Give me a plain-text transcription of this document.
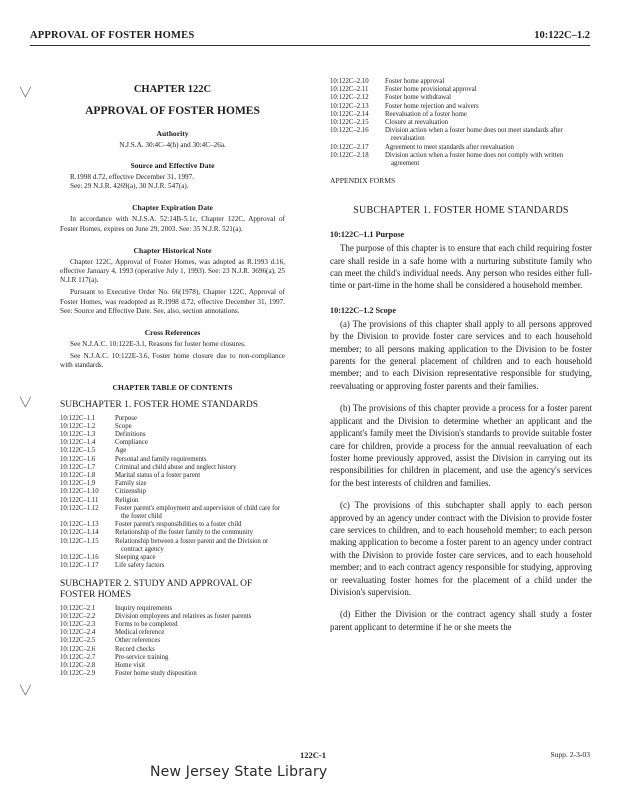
APPROVAL OF FOSTER HOMES	10:122C–1.2
╲╱
╲╱
╲╱
CHAPTER 122C
APPROVAL OF FOSTER HOMES
Authority
N.J.S.A. 30:4C–4(h) and 30:4C–26a.
Source and Effective Date
R.1998 d.72, effective December 31, 1997.
See: 29 N.J.R. 4269(a), 30 N.J.R. 547(a).
Chapter Expiration Date
In accordance with N.J.S.A. 52:14B-5.1c, Chapter 122C, Approval of Foster Homes, expires on June 29, 2003. See: 35 N.J.R. 521(a).
Chapter Historical Note
Chapter 122C, Approval of Foster Homes, was adopted as R.1993 d.16, effective January 4, 1993 (operative July 1, 1993). See: 23 N.J.R. 3696(a), 25 N.J.R 117(a).
Pursuant to Executive Order No. 66(1978), Chapter 122C, Approval of Foster Homes, was readopted as R.1998 d.72, effective December 31, 1997. See: Source and Effective Date. See, also, section annotations.
Cross References
See N.J.A.C. 10:122E-3.1, Reasons for foster home closures.
See N.J.A.C. 10:122E-3.6, Foster home closure due to non-compliance with standards.
CHAPTER TABLE OF CONTENTS
SUBCHAPTER 1. FOSTER HOME STANDARDS
10:122C–1.1	Purpose
10:122C–1.2	Scope
10:122C–1.3	Definitions
10:122C–1.4	Compliance
10:122C–1.5	Age
10:122C–1.6	Personal and family requirements
10:122C–1.7	Criminal and child abuse and neglect history
10:122C–1.8	Marital status of a foster parent
10:122C–1.9	Family size
10:122C–1.10	Citizenship
10:122C–1.11	Religion
10:122C–1.12	Foster parent's employment and supervision of child care for the foster child
10:122C–1.13	Foster parent's responsibilities to a foster child
10:122C–1.14	Relationship of the foster family to the community
10:122C–1.15	Relationship between a foster parent and the Division or contract agency
10:122C–1.16	Sleeping space
10:122C–1.17	Life safety factors
SUBCHAPTER 2. STUDY AND APPROVAL OF FOSTER HOMES
10:122C–2.1	Inquiry requirements
10:122C–2.2	Division employees and relatives as foster parents
10:122C–2.3	Forms to be completed
10:122C–2.4	Medical reference
10:122C–2.5	Other references
10:122C–2.6	Record checks
10:122C–2.7	Pre-service training
10:122C–2.8	Home visit
10:122C–2.9	Foster home study disposition
10:122C–2.10	Foster home approval
10:122C–2.11	Foster home provisional approval
10:122C–2.12	Foster home withdrawal
10:122C–2.13	Foster home rejection and waivers
10:122C–2.14	Reevaluation of a foster home
10:122C–2.15	Closure at reevaluation
10:122C–2.16	Division action when a foster home does not meet standards after reevaluation
10:122C–2.17	Agreement to meet standards after reevaluation
10:122C–2.18	Division action when a foster home does not comply with written agreement
APPENDIX FORMS
SUBCHAPTER 1. FOSTER HOME STANDARDS
10:122C–1.1 Purpose
The purpose of this chapter is to ensure that each child requiring foster care shall reside in a safe home with a nurturing substitute family who can meet the child's individual needs. Any person who resides either full-time or part-time in the home shall be considered a household member.
10:122C–1.2 Scope
(a) The provisions of this chapter shall apply to all persons approved by the Division to provide foster care services and to each household member; to all persons making application to the Division to be foster parents for the general placement of children and to each household member; and to each Division representative responsible for studying, reevaluating or approving foster parents and their families.
(b) The provisions of this chapter provide a process for a foster parent applicant and the Division to determine whether an applicant and the applicant's family meet the Division's standards to provide suitable foster care for children, provide a process for the annual reevaluation of each foster home previously approved, assist the Division in carrying out its responsibilities for children in placement, and use the agency's services for the best interests of children and families.
(c) The provisions of this subchapter shall apply to each person approved by an agency under contract with the Division to provide foster care services to children, and to each household member; to each person making application to become a foster parent to an agency under contract with the Division to provide foster care services, and to each household member; and to each contract agency responsible for studying, approving or reevaluating foster homes for the placement of a child under the Division's supervision.
(d) Either the Division or the contract agency shall study a foster parent applicant to determine if he or she meets the
122C-1	Supp. 2-3-03
New Jersey State Library
